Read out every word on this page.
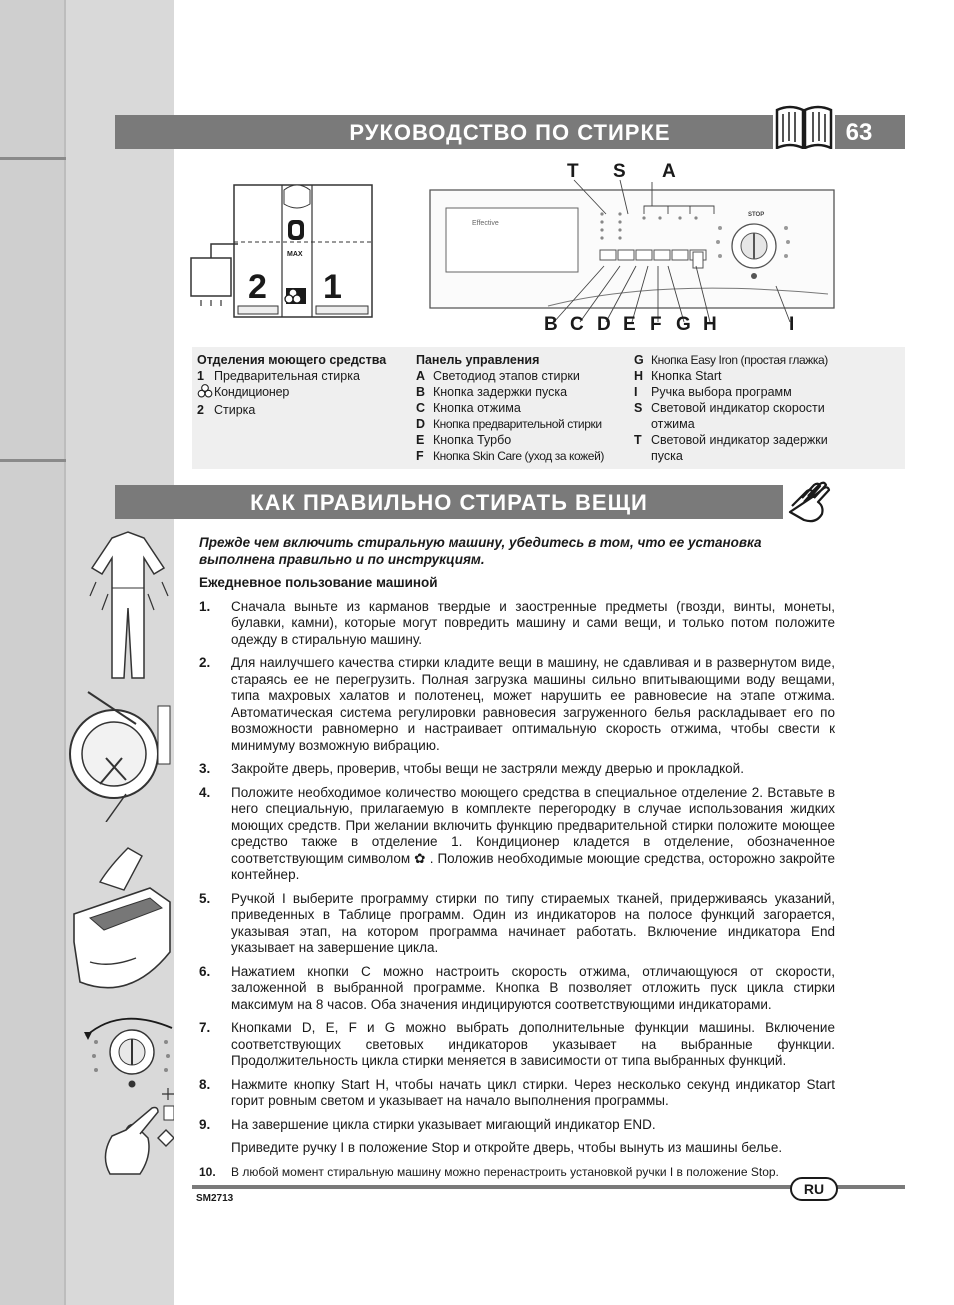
РУКОВОДСТВО ПО СТИРКЕ	63
2 1
MAX
Effective
STOP
T S A
B C D E F G H	I
Отделения моющего средства
1 Предварительная стирка
Кондиционер
2 Стирка
Панель управления
A Светодиод этапов стирки
B Кнопка задержки пуска
C Кнопка отжима
D Кнопка предварительной стирки
E Кнопка Турбо
F Кнопка Skin Care (уход за кожей)
G Кнопка Easy Iron (простая глажка)
H Кнопка Start
I	Ручка выбора программ
S Световой индикатор скорости отжима
T Световой индикатор задержки пуска
КАК ПРАВИЛЬНО СТИРАТЬ ВЕЩИ
Прежде чем включить стиральную машину, убедитесь в том, что ее установка выполнена правильно и по инструкциям.
Ежедневное пользование машиной
1. Сначала выньте из карманов твердые и заостренные предметы (гвозди, винты, монеты, булавки, камни), которые могут повредить машину и сами вещи, и только потом положите одежду в стиральную машину.
2. Для наилучшего качества стирки кладите вещи в машину, не сдавливая и в развернутом виде, стараясь ее не перегрузить. Полная загрузка машины сильно впитывающими воду вещами, типа махровых халатов и полотенец, может нарушить ее равновесие на этапе отжима. Автоматическая система регулировки равновесия загруженного белья раскладывает его по возможности равномерно и настраивает оптимальную скорость отжима, чтобы свести к минимуму возможную вибрацию.
3. Закройте дверь, проверив, чтобы вещи не застряли между дверью и прокладкой.
4. Положите необходимое количество моющего средства в специальное отделение 2. Вставьте в него специальную, прилагаемую в комплекте перегородку в случае использования жидких моющих средств. При желании включить функцию предварительной стирки положите моющее средство также в отделение 1. Кондиционер кладется в отделение, обозначенное соответствующим символом ✿ . Положив необходимые моющие средства, осторожно закройте контейнер.
5. Ручкой I выберите программу стирки по типу стираемых тканей, придерживаясь указаний, приведенных в Таблице программ. Один из индикаторов на полосе функций загорается, указывая этап, на котором программа начинает работать. Включение индикатора End указывает на завершение цикла.
6. Нажатием кнопки C можно настроить скорость отжима, отличающуюся от скорости, заложенной в выбранной программе. Кнопка B позволяет отложить пуск цикла стирки максимум на 8 часов. Оба значения индицируются соответствующими индикаторами.
7. Кнопками D, E, F и G можно выбрать дополнительные функции машины. Включение соответствующих световых индикаторов указывает на выбранные функции. Продолжительность цикла стирки меняется в зависимости от типа выбранных функций.
8. Нажмите кнопку Start H, чтобы начать цикл стирки. Через несколько секунд индикатор Start горит ровным светом и указывает на начало выполнения программы.
9. На завершение цикла стирки указывает мигающий индикатор END.
Приведите ручку I в положение Stop и откройте дверь, чтобы вынуть из машины белье.
10. В любой момент стиральную машину можно перенастроить установкой ручки I в положение Stop.
RU
SM2713
